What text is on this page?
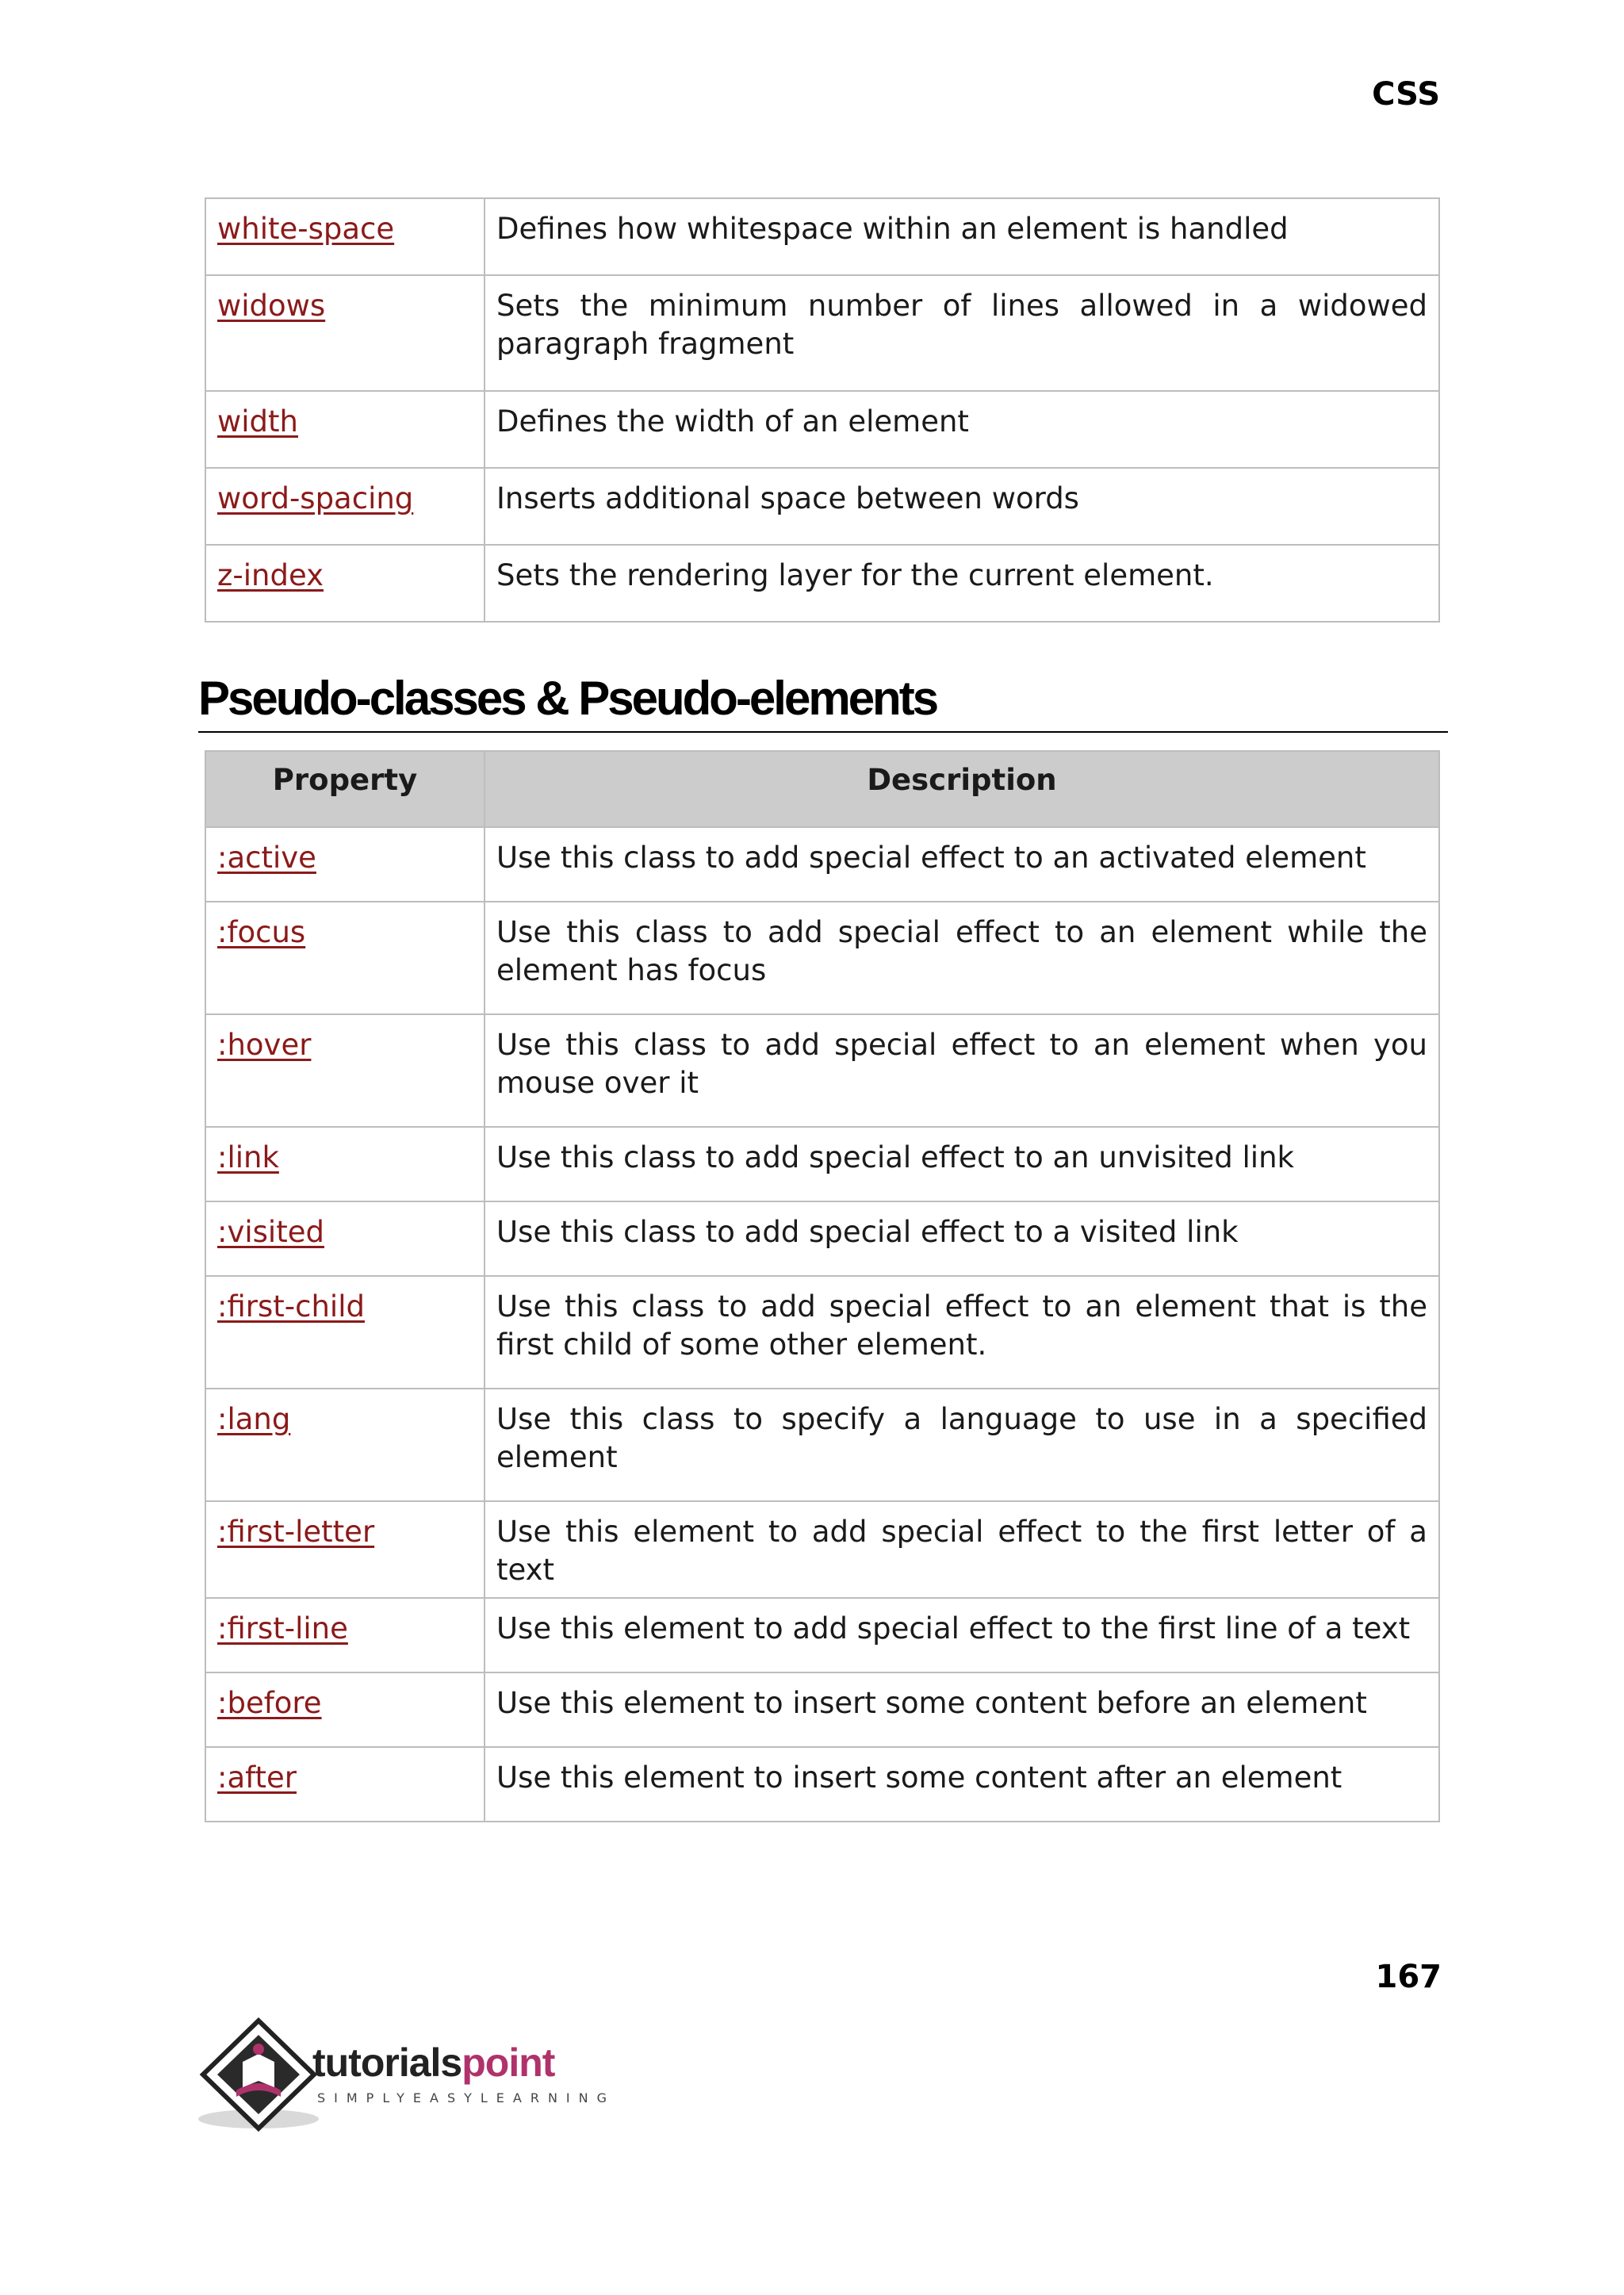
CSS
white-space	Defines how whitespace within an element is handled
widows	Sets the minimum number of lines allowed in a widowed paragraph fragment
width	Defines the width of an element
word-spacing	Inserts additional space between words
z-index	Sets the rendering layer for the current element.
Pseudo-classes & Pseudo-elements
Property	Description
:active	Use this class to add special effect to an activated element
:focus	Use this class to add special effect to an element while the element has focus
:hover	Use this class to add special effect to an element when you mouse over it
:link	Use this class to add special effect to an unvisited link
:visited	Use this class to add special effect to a visited link
:first-child	Use this class to add special effect to an element that is the first child of some other element.
:lang	Use this class to specify a language to use in a specified element
:first-letter	Use this element to add special effect to the first letter of a text
:first-line	Use this element to add special effect to the first line of a text
:before	Use this element to insert some content before an element
:after	Use this element to insert some content after an element
167
tutorialspoint
SIMPLYEASYLEARNING
